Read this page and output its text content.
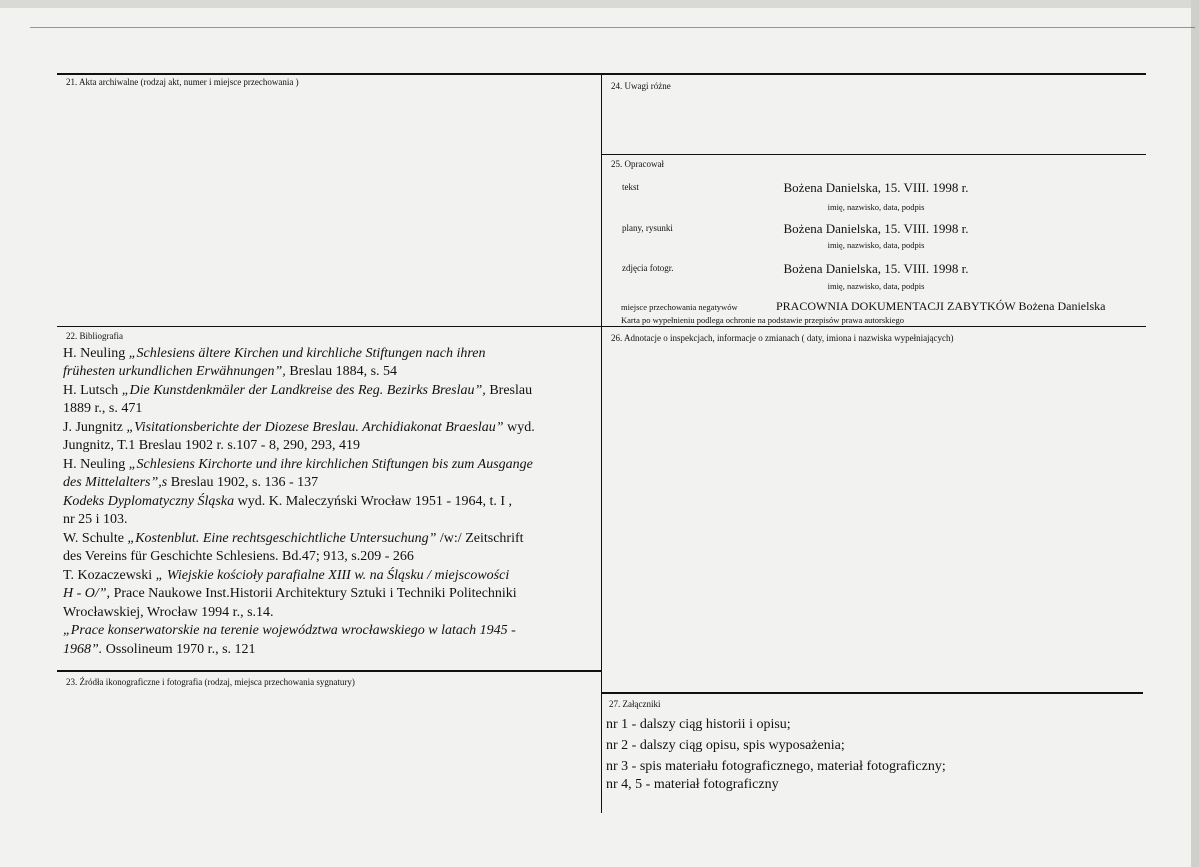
21. Akta archiwalne (rodzaj akt, numer i miejsce przechowania )	24. Uwagi różne
25. Opracował
tekst	Bożena Danielska, 15. VIII. 1998 r.
imię, nazwisko, data, podpis
plany, rysunki	Bożena Danielska, 15. VIII. 1998 r.
imię, nazwisko, data, podpis
zdjęcia fotogr.	Bożena Danielska, 15. VIII. 1998 r.
imię, nazwisko, data, podpis
miejsce przechowania negatywów	PRACOWNIA DOKUMENTACJI ZABYTKÓW Bożena Danielska
Karta po wypełnieniu podlega ochronie na podstawie przepisów prawa autorskiego
22. Bibliografia
H. Neuling „Schlesiens ältere Kirchen und kirchliche Stiftungen nach ihren
frühesten urkundlichen Erwähnungen”, Breslau 1884, s. 54
H. Lutsch „Die Kunstdenkmäler der Landkreise des Reg. Bezirks Breslau”, Breslau
1889 r., s. 471
J. Jungnitz „Visitationsberichte der Diozese Breslau. Archidiakonat Braeslau” wyd.
Jungnitz, T.1 Breslau 1902 r. s.107 - 8, 290, 293, 419
H. Neuling „Schlesiens Kirchorte und ihre kirchlichen Stiftungen bis zum Ausgange
des Mittelalters”,s Breslau 1902, s. 136 - 137
Kodeks Dyplomatyczny Śląska wyd. K. Maleczyński Wrocław 1951 - 1964, t. I ,
nr 25 i 103.
W. Schulte „Kostenblut. Eine rechtsgeschichtliche Untersuchung” /w:/ Zeitschrift
des Vereins für Geschichte Schlesiens. Bd.47; 913, s.209 - 266
T. Kozaczewski „ Wiejskie kościoły parafialne XIII w. na Śląsku / miejscowości
H - O/”, Prace Naukowe Inst.Historii Architektury Sztuki i Techniki Politechniki
Wrocławskiej, Wrocław 1994 r., s.14.
„Prace konserwatorskie na terenie województwa wrocławskiego w latach 1945 -
1968”. Ossolineum 1970 r., s. 121
26. Adnotacje o inspekcjach, informacje o zmianach ( daty, imiona i nazwiska wypełniających)
23. Źródła ikonograficzne i fotografia (rodzaj, miejsca przechowania sygnatury)
27. Załączniki
nr 1 - dalszy ciąg historii i opisu;
nr 2 - dalszy ciąg opisu, spis wyposażenia;
nr 3 - spis materiału fotograficznego, materiał fotograficzny;
nr 4, 5 - materiał fotograficzny
